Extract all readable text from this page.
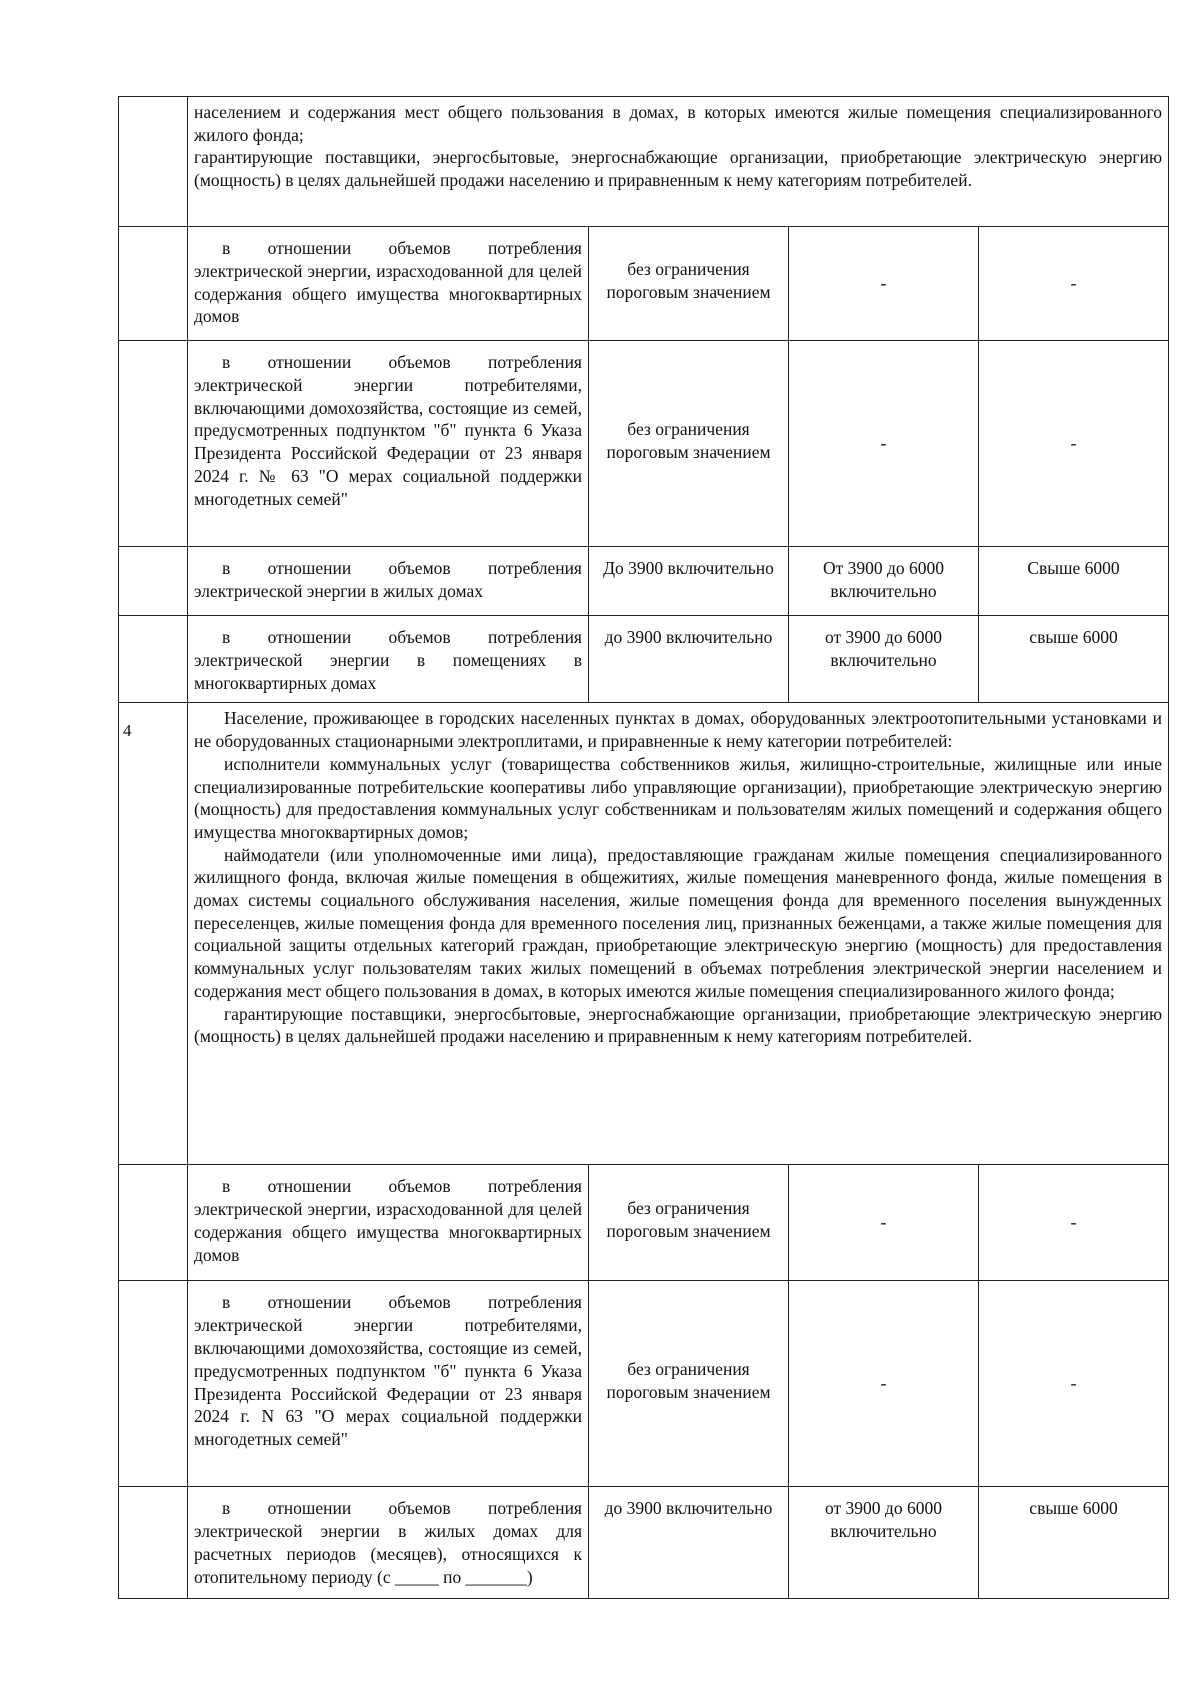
	населением и содержания мест общего пользования в домах, в которых имеются жилые помещения специализированного жилого фонда;

гарантирующие поставщики, энергосбытовые, энергоснабжающие организации, приобретающие электрическую энергию (мощность) в целях дальнейшей продажи населению и приравненным к нему категориям потребителей.			

	в отношении объемов потребления электрической энергии, израсходованной для целей содержания общего имущества многоквартирных домов	без ограничения пороговым значением	-	-

	в отношении объемов потребления электрической энергии потребителями, включающими домохозяйства, состоящие из семей, предусмотренных подпунктом "б" пункта 6 Указа Президента Российской Федерации от 23 января 2024 г. № 63 "О мерах социальной поддержки многодетных семей"	без ограничения пороговым значением	-	-

	в отношении объемов потребления электрической энергии в жилых домах	До 3900 включительно	От 3900 до 6000 включительно	Свыше 6000

	в отношении объемов потребления электрической энергии в помещениях в многоквартирных домах	до 3900 включительно	от 3900 до 6000 включительно	свыше 6000
4	Население, проживающее в городских населенных пунктах в домах, оборудованных электроотопительными установками и не оборудованных стационарными электроплитами, и приравненные к нему категории потребителей:

исполнители коммунальных услуг (товарищества собственников жилья, жилищно-строительные, жилищные или иные специализированные потребительские кооперативы либо управляющие организации), приобретающие электрическую энергию (мощность) для предоставления коммунальных услуг собственникам и пользователям жилых помещений и содержания общего имущества многоквартирных домов;

наймодатели (или уполномоченные ими лица), предоставляющие гражданам жилые помещения специализированного жилищного фонда, включая жилые помещения в общежитиях, жилые помещения маневренного фонда, жилые помещения в домах системы социального обслуживания населения, жилые помещения фонда для временного поселения вынужденных переселенцев, жилые помещения фонда для временного поселения лиц, признанных беженцами, а также жилые помещения для социальной защиты отдельных категорий граждан, приобретающие электрическую энергию (мощность) для предоставления коммунальных услуг пользователям таких жилых помещений в объемах потребления электрической энергии населением и содержания мест общего пользования в домах, в которых имеются жилые помещения специализированного жилого фонда;

гарантирующие поставщики, энергосбытовые, энергоснабжающие организации, приобретающие электрическую энергию (мощность) в целях дальнейшей продажи населению и приравненным к нему категориям потребителей.			

	в отношении объемов потребления электрической энергии, израсходованной для целей содержания общего имущества многоквартирных домов	без ограничения пороговым значением	-	-

	в отношении объемов потребления электрической энергии потребителями, включающими домохозяйства, состоящие из семей, предусмотренных подпунктом "б" пункта 6 Указа Президента Российской Федерации от 23 января 2024 г. N 63 "О мерах социальной поддержки многодетных семей"	без ограничения пороговым значением	-	-

	в отношении объемов потребления электрической энергии в жилых домах для расчетных периодов (месяцев), относящихся к отопительному периоду (с _____ по _______)	до 3900 включительно	от 3900 до 6000 включительно	свыше 6000
